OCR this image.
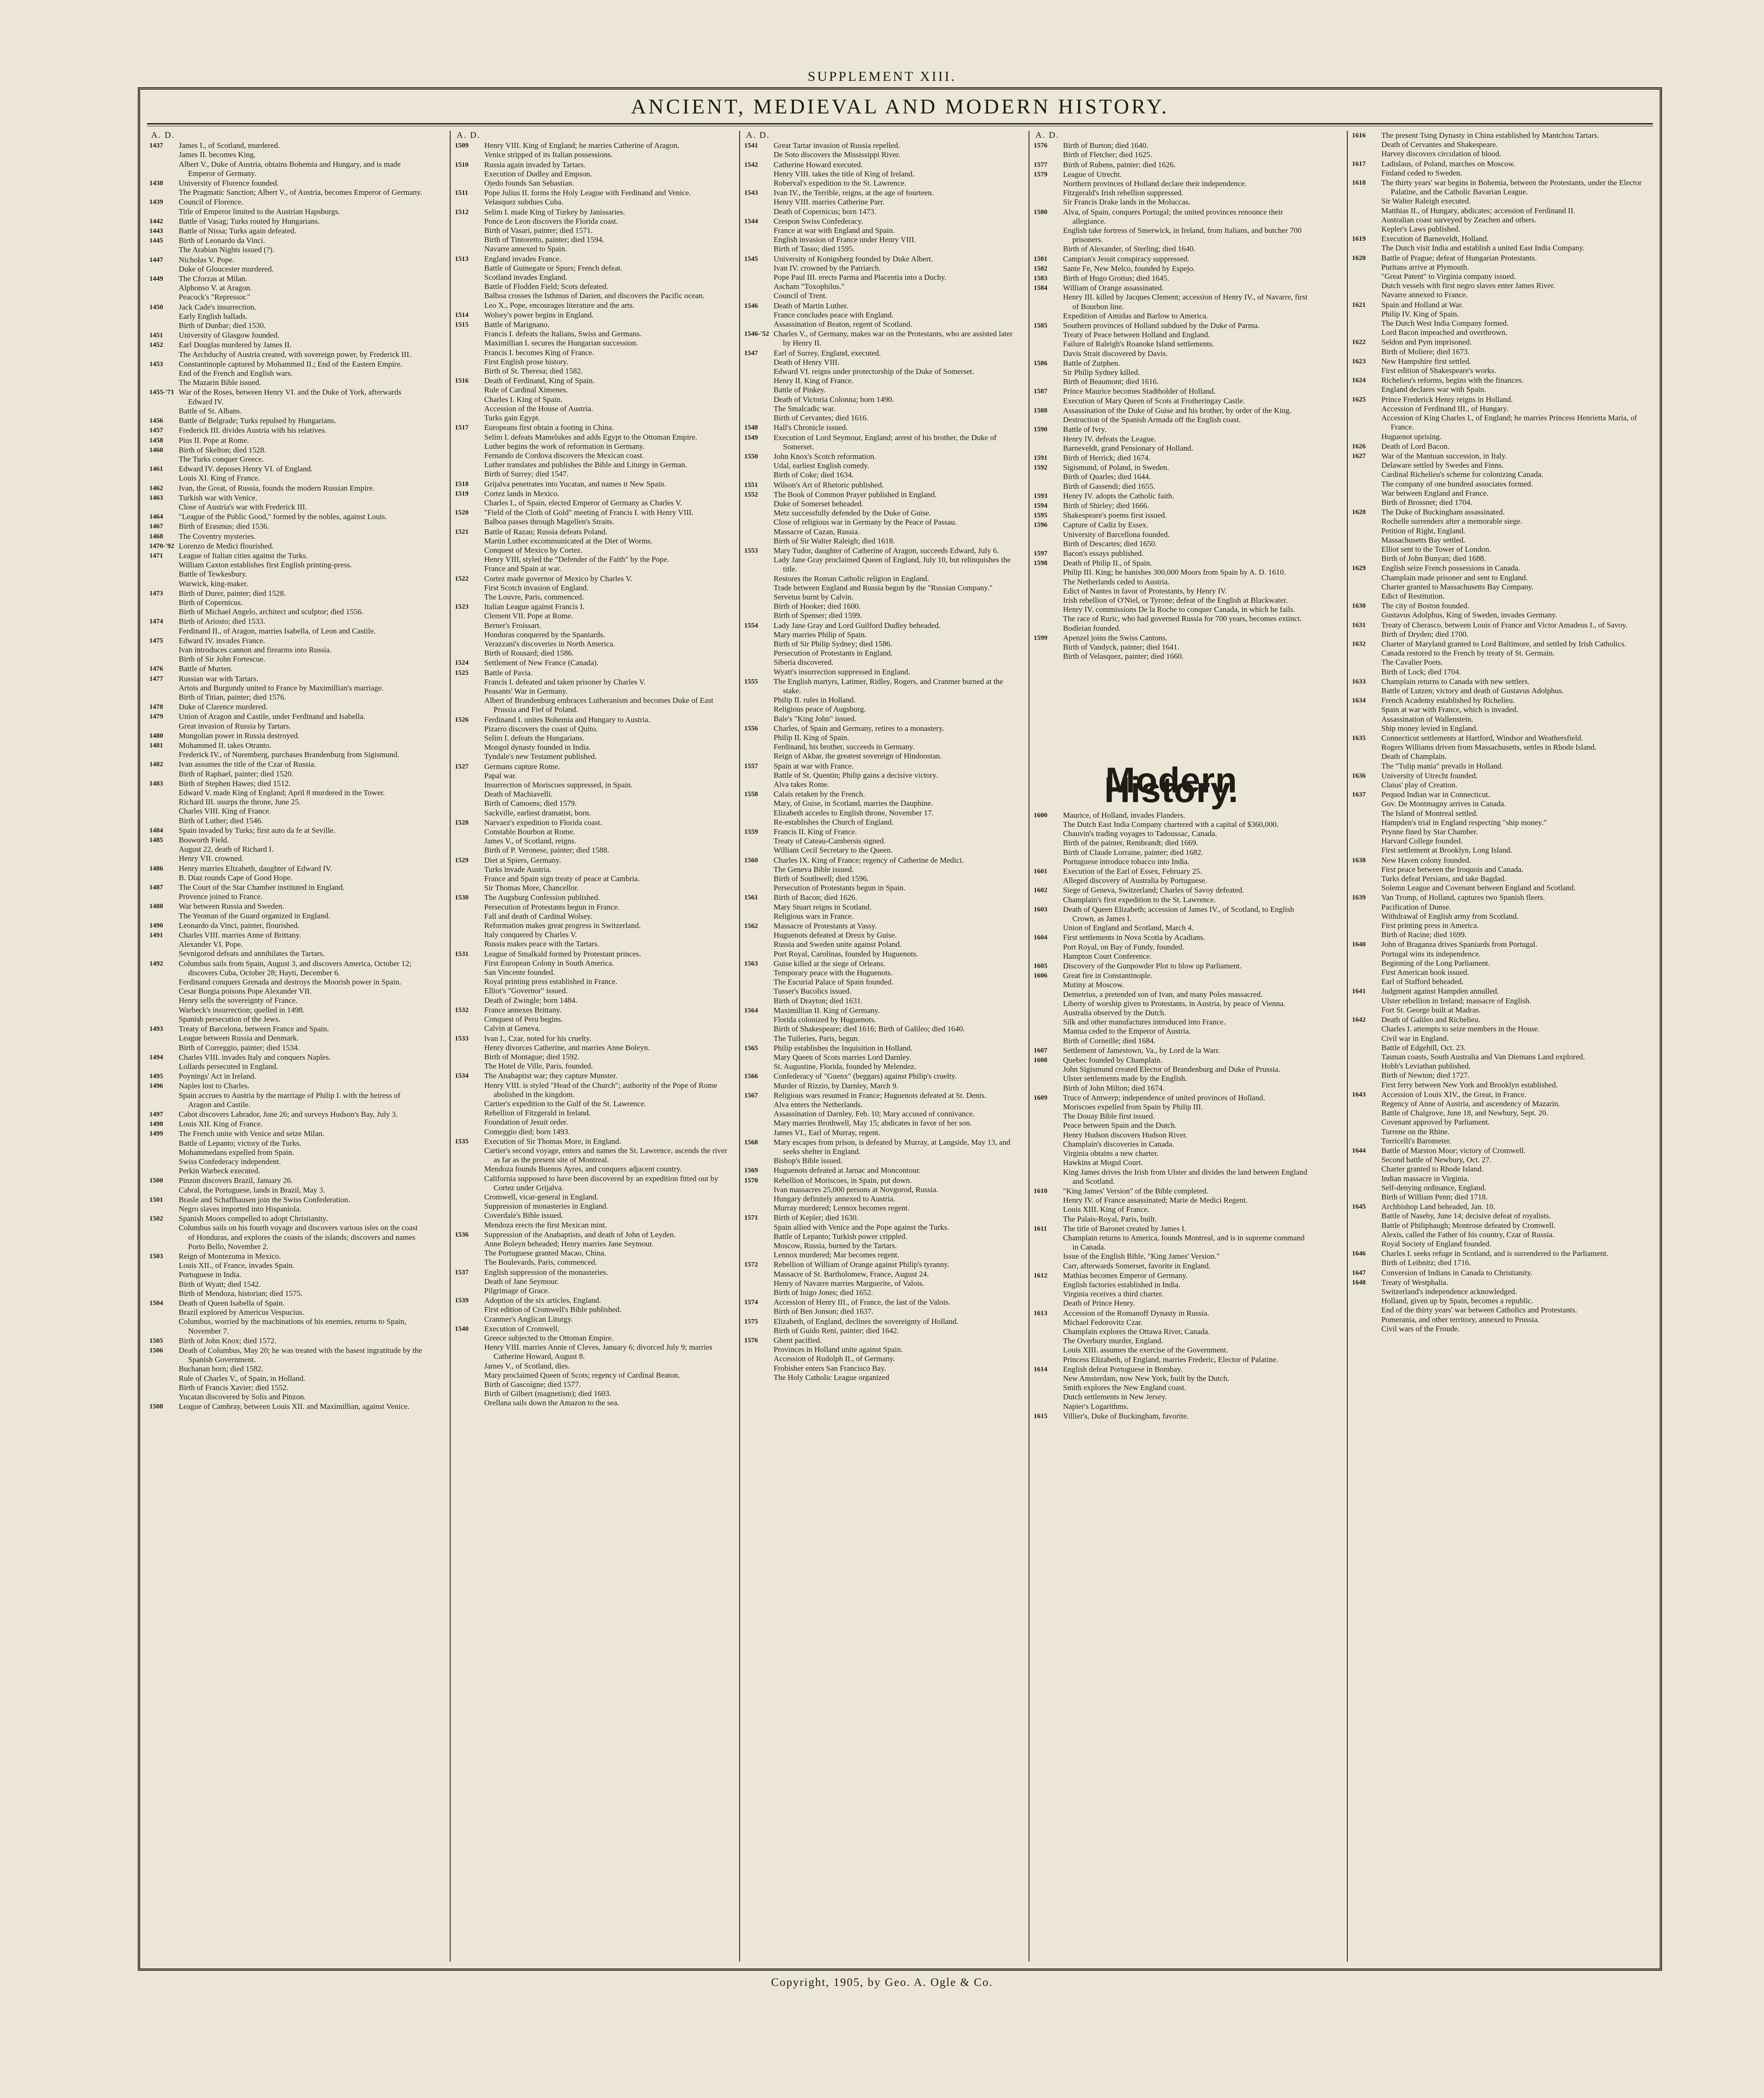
SUPPLEMENT XIII.
ANCIENT, MEDIEVAL AND MODERN HISTORY.
A. D.
1437	James I., of Scotland, murdered.
James II. becomes King.
Albert V., Duke of Austria, obtains Bohemia and Hungary, and is made Emperor of Germany.
1438	University of Florence founded.
The Pragmatic Sanction; Albert V., of Austria, becomes Emperor of Germany.
1439	Council of Florence.
Title of Emperor limited to the Austrian Hapsburgs.
1442	Battle of Vasag; Turks routed by Hungarians.
1443	Battle of Nissa; Turks again defeated.
1445	Birth of Leonardo da Vinci.
The Arabian Nights issued (?).
1447	Nicholas V. Pope.
Duke of Gloucester murdered.
1449	The Cforzas at Milan.
Alphonso V. at Aragon.
Peacock's "Repressor."
1450	Jack Cade's insurrection.
Early English ballads.
Birth of Dunbar; died 1530.
1451	University of Glasgow founded.
1452	Earl Douglas murdered by James II.
The Archduchy of Austria created, with sovereign power, by Frederick III.
1453	Constantinople captured by Mohammed II.; End of the Eastern Empire.
End of the French and English wars.
The Mazarin Bible issued.
1455-'71 War of the Roses, between Henry VI. and the Duke of York, afterwards Edward IV.
Battle of St. Albans.
1456	Battle of Belgrade; Turks repulsed by Hungarians.
1457	Frederick III. divides Austria with his relatives.
1458	Pius II. Pope at Rome.
1460	Birth of Skelton; died 1528.
The Turks conquer Greece.
1461	Edward IV. deposes Henry VI. of England.
Louis XI. King of France.
1462	Ivan, the Great, of Russia, founds the modern Russian Empire.
1463	Turkish war with Venice.
Close of Austria's war with Frederick III.
1464	"League of the Public Good," formed by the nobles, against Louis.
1467	Birth of Erasmus; died 1536.
1468	The Coventry mysteries.
1470-'92 Lorenzo de Medici flourished.
1471	League of Italian cities against the Turks.
William Caxton establishes first English printing-press.
Battle of Tewkesbury.
Warwick, king-maker.
1473	Birth of Durer, painter; died 1528.
Birth of Copernicus.
Birth of Michael Angelo, architect and sculptor; died 1556.
1474	Birth of Ariosto; died 1533.
Ferdinand II., of Aragon, marries Isabella, of Leon and Castile.
1475	Edward IV. invades France.
Ivan introduces cannon and firearms into Russia.
Birth of Sir John Fortescue.
1476	Battle of Murten.
1477	Russian war with Tartars.
Artois and Burgundy united to France by Maximillian's marriage.
Birth of Titian, painter; died 1576.
1478	Duke of Clarence murdered.
1479	Union of Aragon and Castile, under Ferdinand and Isabella.
Great invasion of Russia by Tartars.
1480	Mongolian power in Russia destroyed.
1481	Mohammed II. takes Otranto.
Frederick IV., of Nuremberg, purchases Brandenburg from Sigismund.
1482	Ivan assumes the title of the Czar of Russia.
Birth of Raphael, painter; died 1520.
1483	Birth of Stephen Hawes; died 1512.
Edward V. made King of England; April 8 murdered in the Tower.
Richard III. usurps the throne, June 25.
Charles VIII. King of France.
Birth of Luther; died 1546.
1484	Spain invaded by Turks; first auto da fe at Seville.
1485	Bosworth Field.
August 22, death of Richard I.
Henry VII. crowned.
1486	Henry marries Elizabeth, daughter of Edward IV.
B. Diaz rounds Cape of Good Hope.
1487	The Court of the Star Chamber instituted in England.
Provence joined to France.
1488	War between Russia and Sweden.
The Yeoman of the Guard organized in England.
1490	Leonardo da Vinci, painter, flourished.
1491	Charles VIII. marries Anne of Brittany.
Alexander VI. Pope.
Sevnigorod defeats and annihilates the Tartars.
1492	Columbus sails from Spain, August 3, and discovers America, October 12; discovers Cuba, October 28; Hayti, December 6.
Ferdinand conquers Grenada and destroys the Moorish power in Spain.
Cesar Borgia poisons Pope Alexander VII.
Henry sells the sovereignty of France.
Warbeck's insurrection; quelled in 1498.
Spanish persecution of the Jews.
1493	Treaty of Barcelona, between France and Spain.
League between Russia and Denmark.
Birth of Correggio, painter; died 1534.
1494	Charles VIII. invades Italy and conquers Naples.
Lollards persecuted in England.
1495	Poynings' Act in Ireland.
1496	Naples lost to Charles.
Spain accrues to Austria by the marriage of Philip I. with the heiress of Aragon and Castile.
1497	Cabot discovers Labrador, June 26; and surveys Hudson's Bay, July 3.
1498	Louis XII. King of France.
1499	The French unite with Venice and seize Milan.
Battle of Lepanto; victory of the Turks.
Mohammedans expelled from Spain.
Swiss Confederacy independent.
Perkin Warbeck executed.
1500	Pinzon discovers Brazil, January 26.
Cabral, the Portuguese, lands in Brazil, May 3.
1501	Brasle and Schaffhausen join the Swiss Confederation.
Negro slaves imported into Hispaniola.
1502	Spanish Moors compelled to adopt Christianity.
Columbus sails on his fourth voyage and discovers various isles on the coast of Honduras, and explores the coasts of the islands; discovers and names Porto Bello, November 2.
1503	Reign of Montezuma in Mexico.
Louis XII., of France, invades Spain.
Portuguese in India.
Birth of Wyatt; died 1542.
Birth of Mendoza, historian; died 1575.
1504	Death of Queen Isabella of Spain.
Brazil explored by Americus Vespucius.
Columbus, worried by the machinations of his enemies, returns to Spain, November 7.
1505	Birth of John Knox; died 1572.
1506	Death of Columbus, May 20; he was treated with the basest ingratitude by the Spanish Government.
Buchanan born; died 1582.
Rule of Charles V., of Spain, in Holland.
Birth of Francis Xavier; died 1552.
Yucatan discovered by Solis and Pinzon.
1508	League of Cambray, between Louis XII. and Maximillian, against Venice.
A. D.
1509	Henry VIII. King of England; he marries Catherine of Aragon.
Venice stripped of its Italian possessions.
1510	Russia again invaded by Tartars.
Execution of Dudley and Empson.
Ojedo founds San Sebastian.
1511	Pope Julius II. forms the Holy League with Ferdinand and Venice.
Velasquez subdues Cuba.
1512	Selim I. made King of Turkey by Janissaries.
Ponce de Leon discovers the Florida coast.
Birth of Vasari, painter; died 1571.
Birth of Tintoretto, painter; died 1594.
Navarre annexed to Spain.
1513	England invades France.
Battle of Guinegate or Spurs; French defeat.
Scotland invades England.
Battle of Flodden Field; Scots defeated.
Balboa crosses the Isthmus of Darien, and discovers the Pacific ocean.
Leo X., Pope, encourages literature and the arts.
1514	Wolsey's power begins in England.
1515	Battle of Marignano.
Francis I. defeats the Italians, Swiss and Germans.
Maximillian I. secures the Hungarian succession.
Francis I. becomes King of France.
First English prose history.
Birth of St. Theresa; died 1582.
1516	Death of Ferdinand, King of Spain.
Rule of Cardinal Ximenes.
Charles I. King of Spain.
Accession of the House of Austria.
Turks gain Egypt.
1517	Europeans first obtain a footing in China.
Selim I. defeats Mamelukes and adds Egypt to the Ottoman Empire.
Luther begins the work of reformation in Germany.
Fernando de Cordova discovers the Mexican coast.
Luther translates and publishes the Bible and Liturgy in German.
Birth of Surrey; died 1547.
1518	Grijalva penetrates into Yucatan, and names it New Spain.
1519	Cortez lands in Mexico.
Charles I., of Spain, elected Emperor of Germany as Charles V.
1520	"Field of the Cloth of Gold" meeting of Francis I. with Henry VIII.
Balboa passes through Magellen's Straits.
1521	Battle of Razau; Russia defeats Poland.
Martin Luther excommunicated at the Diet of Worms.
Conquest of Mexico by Cortez.
Henry VIII, styled the "Defender of the Faith" by the Pope.
France and Spain at war.
1522	Cortez made governor of Mexico by Charles V.
First Scotch invasion of England.
The Louvre, Paris, commenced.
1523	Italian League against Francis I.
Clement VII. Pope at Rome.
Berner's Froissart.
Honduras conquered by the Spaniards.
Verazzani's discoveries in North America.
Birth of Rousard; died 1586.
1524	Settlement of New France (Canada).
1525	Battle of Pavia.
Francis I. defeated and taken prisoner by Charles V.
Peasants' War in Germany.
Albert of Brandenburg embraces Lutheranism and becomes Duke of East Prussia and Fief of Poland.
1526	Ferdinand I. unites Bohemia and Hungary to Austria.
Pizarro discovers the coast of Quito.
Selim I. defeats the Hungarians.
Mongol dynasty founded in India.
Tyndale's new Testament published.
1527	Germans capture Rome.
Papal war.
Insurrection of Moriscoes suppressed, in Spain.
Death of Machiavelli.
Birth of Camoens; died 1579.
Sackville, earliest dramatist, born.
1528	Narvaez's expedition to Florida coast.
Constable Bourbon at Rome.
James V., of Scotland, reigns.
Birth of P. Veronese, painter; died 1588.
1529	Diet at Spiers, Germany.
Turks invade Austria.
France and Spain sign treaty of peace at Cambria.
Sir Thomas More, Chancellor.
1530	The Augsburg Confession published.
Persecution of Protestants begun in France.
Fall and death of Cardinal Wolsey.
Reformation makes great progress in Switzerland.
Italy conquered by Charles V.
Russia makes peace with the Tartars.
1531	League of Smalkald formed by Protestant princes.
First European Colony in South America.
San Vincente founded.
Royal printing press established in France.
Elliot's "Governor" issued.
Death of Zwingle; born 1484.
1532	France annexes Brittany.
Conquest of Peru begins.
Calvin at Geneva.
1533	Ivan I., Czar, noted for his cruelty.
Henry divorces Catherine, and marries Anne Boleyn.
Birth of Montague; died 1592.
The Hotel de Ville, Paris, founded.
1534	The Anabaptist war; they capture Munster.
Henry VIII. is styled "Head of the Church"; authority of the Pope of Rome abolished in the kingdom.
Cartier's expedition to the Gulf of the St. Lawrence.
Rebellion of Fitzgerald in Ireland.
Foundation of Jesuit order.
Comeggio died; born 1493.
1535	Execution of Sir Thomas More, in England.
Cartier's second voyage, enters and names the St. Lawrence, ascends the river as far as the present site of Montreal.
Mendoza founds Buenos Ayres, and conquers adjacent country.
California supposed to have been discovered by an expedition fitted out by Cortez under Grijalva.
Cromwell, vicar-general in England.
Suppression of monasteries in England.
Coverdale's Bible issued.
Mendoza erects the first Mexican mint.
1536	Suppression of the Anabaptists, and death of John of Leyden.
Anne Boleyn beheaded; Henry marries Jane Seymour.
The Portuguese granted Macao, China.
The Boulevards, Paris, commenced.
1537	English suppression of the monasteries.
Death of Jane Seymour.
Pilgrimage of Grace.
1539	Adoption of the six articles, England.
First edition of Cromwell's Bible published.
Cranmer's Anglican Liturgy.
1540	Execution of Cromwell.
Greece subjected to the Ottoman Empire.
Henry VIII. marries Annie of Cleves, January 6; divorced July 9; marries Catherine Howard, August 8.
James V., of Scotland, dies.
Mary proclaimed Queen of Scots; regency of Cardinal Beaton.
Birth of Gascoigne; died 1577.
Birth of Gilbert (magnetism); died 1603.
Orellana sails down the Amazon to the sea.
A. D.
1541	Great Tartar invasion of Russia repelled.
De Soto discovers the Mississippi River.
1542	Catherine Howard executed.
Henry VIII. takes the title of King of Ireland.
Roberval's expedition to the St. Lawrence.
1543	Ivan IV., the Terrible, reigns, at the age of fourteen.
Henry VIII. marries Catherine Parr.
Death of Copernicus; born 1473.
1544	Crespon Swiss Confederacy.
France at war with England and Spain.
English invasion of France under Henry VIII.
Birth of Tasso; died 1595.
1545	University of Konigsberg founded by Duke Albert.
Ivan IV. crowned by the Patriarch.
Pope Paul III. erects Parma and Placentia into a Duchy.
Ascham "Toxophilus."
Council of Trent.
1546	Death of Martin Luther.
France concludes peace with England.
Assassination of Beaton, regent of Scotland.
1546-'52 Charles V., of Germany, makes war on the Protestants, who are assisted later by Henry II.
1547	Earl of Surrey, England, executed.
Death of Henry VIII.
Edward VI. reigns under protectorship of the Duke of Somerset.
Henry II. King of France.
Battle of Pinkey.
Death of Victoria Colonna; born 1490.
The Smalcadic war.
Birth of Cervantes; died 1616.
1548	Hall's Chronicle issued.
1549	Execution of Lord Seymour, England; arrest of his brother, the Duke of Somerset.
1550	John Knox's Scotch reformation.
Udal, earliest English comedy.
Birth of Coke; died 1634.
1551	Wilson's Art of Rhetoric published.
1552	The Book of Common Prayer published in England.
Duke of Somerset beheaded.
Metz successfully defended by the Duke of Guise.
Close of religious war in Germany by the Peace of Passau.
Massacre of Cazan, Russia.
Birth of Sir Walter Raleigh; died 1618.
1553	Mary Tudor, daughter of Catherine of Aragon, succeeds Edward, July 6.
Lady Jane Gray proclaimed Queen of England, July 10, but relinquishes the title.
Restores the Roman Catholic religion in England.
Trade between England and Russia begun by the "Russian Company."
Servetus burnt by Calvin.
Birth of Hooker; died 1600.
Birth of Spenser; died 1599.
1554	Lady Jane Gray and Lord Guilford Dudley beheaded.
Mary marries Philip of Spain.
Birth of Sir Philip Sydney; died 1586.
Persecution of Protestants in England.
Siberia discovered.
Wyatt's insurrection suppressed in England.
1555	The English martyrs, Latimer, Ridley, Rogers, and Cranmer burned at the stake.
Philip II. rules in Holland.
Religious peace of Augsburg.
Bale's "King John" issued.
1556	Charles, of Spain and Germany, retires to a monastery.
Philip II. King of Spain.
Ferdinand, his brother, succeeds in Germany.
Reign of Akbar, the greatest sovereign of Hindoostan.
1557	Spain at war with France.
Battle of St. Quentin; Philip gains a decisive victory.
Alva takes Rome.
1558	Calais retaken by the French.
Mary, of Guise, in Scotland, marries the Dauphine.
Elizabeth accedes to English throne, November 17.
Re-establishes the Church of England.
1559	Francis II. King of France.
Treaty of Cateau-Cambersis signed.
William Cecil Secretary to the Queen.
1560	Charles IX. King of France; regency of Catherine de Medici.
The Geneva Bible issued.
Birth of Southwell; died 1596.
Persecution of Protestants begun in Spain.
1561	Birth of Bacon; died 1626.
Mary Stuart reigns in Scotland.
Religious wars in France.
1562	Massacre of Protestants at Vassy.
Huguenots defeated at Dreux by Guise.
Russia and Sweden unite against Poland.
Port Royal, Carolinas, founded by Huguenots.
1563	Guise killed at the siege of Orleans.
Temporary peace with the Huguenots.
The Escurial Palace of Spain founded.
Tusser's Bucolics issued.
Birth of Drayton; died 1631.
1564	Maximillian II. King of Germany.
Florida colonized by Huguenots.
Birth of Shakespeare; died 1616; Birth of Galileo; died 1640.
The Tuileries, Paris, begun.
1565	Philip establishes the Inquisition in Holland.
Mary Queen of Scots marries Lord Darnley.
St. Augustine, Florida, founded by Melendez.
1566	Confederacy of "Guenx" (beggars) against Philip's cruelty.
Murder of Rizzio, by Darnley, March 9.
1567	Religious wars resumed in France; Huguenots defeated at St. Denis.
Alva enters the Netherlands.
Assassination of Darnley, Feb. 10; Mary accused of connivance.
Mary marries Brothwell, May 15; abdicates in favor of her son.
James VI., Earl of Murray, regent.
1568	Mary escapes from prison, is defeated by Murray, at Langside, May 13, and seeks shelter in England.
Bishop's Bible issued.
1569	Huguenots defeated at Jarnac and Moncontour.
1570	Rebellion of Moriscoes, in Spain, put down.
Ivan massacres 25,000 persons at Novgorod, Russia.
Hungary definitely annexed to Austria.
Murray murdered; Lennox becomes regent.
1571	Birth of Kepler; died 1630.
Spain allied with Venice and the Pope against the Turks.
Battle of Lepanto; Turkish power crippled.
Moscow, Russia, burned by the Tartars.
Lennox murdered; Mar becomes regent.
1572	Rebellion of William of Orange against Philip's tyranny.
Massacre of St. Bartholomew, France, August 24.
Henry of Navarre marries Marguerite, of Valois.
Birth of Inigo Jones; died 1652.
1574	Accession of Henry III., of France, the last of the Valois.
Birth of Ben Jonson; died 1637.
1575	Elizabeth, of England, declines the sovereignty of Holland.
Birth of Guido Reni, painter; died 1642.
1576	Ghent pacified.
Provinces in Holland unite against Spain.
Accession of Rudolph II., of Germany.
Frobisher enters San Francisco Bay.
The Holy Catholic League organized
A. D.
1576	Birth of Burton; died 1640.
Birth of Fletcher; died 1625.
1577	Birth of Rubens, painter; died 1626.
1579	League of Utrecht.
Northern provinces of Holland declare their independence.
Fitzgerald's Irish rebellion suppressed.
Sir Francis Drake lands in the Moluccas.
1580	Alva, of Spain, conquers Portugal; the united provinces renounce their allegiance.
English take fortress of Smerwick, in Ireland, from Italians, and butcher 700 prisoners.
Birth of Alexander, of Sterling; died 1640.
1581	Campian's Jesuit conspiracy suppressed.
1582	Sante Fe, New Melco, founded by Espejo.
1583	Birth of Hugo Grotius; died 1645.
1584	William of Orange assassinated.
Henry III. killed by Jacques Clement; accession of Henry IV., of Navarre, first of Bourbon line.
Expedition of Amidas and Barlow to America.
1585	Southern provinces of Holland subdued by the Duke of Parma.
Treaty of Peace between Holland and England.
Failure of Raleigh's Roanoke Island settlements.
Davis Strait discovered by Davis.
1586	Battle of Zutphen.
Sir Philip Sydney killed.
Birth of Beaumont; died 1616.
1587	Prince Maurice becomes Stadtholder of Holland.
Execution of Mary Queen of Scots at Frotheringay Castle.
1588	Assassination of the Duke of Guise and his brother, by order of the King.
Destruction of the Spanish Armada off the English coast.
1590	Battle of Ivry.
Henry IV. defeats the League.
Barneveldt, grand Pensionary of Holland.
1591	Birth of Herrick; died 1674.
1592	Sigismund, of Poland, in Sweden.
Birth of Quarles; died 1644.
Birth of Gassendi; died 1655.
1593	Henry IV. adopts the Catholic faith.
1594	Birth of Shirley; died 1666.
1595	Shakespeare's poems first issued.
1596	Capture of Cadiz by Essex.
University of Barcellona founded.
Birth of Descartes; died 1650.
1597	Bacon's essays published.
1598	Death of Philip II., of Spain.
Philip III. King; he banishes 300,000 Moors from Spain by A. D. 1610.
The Netherlands ceded to Austria.
Edict of Nantes in favor of Protestants, by Henry IV.
Irish rebellion of O'Niel, or Tyrone; defeat of the English at Blackwater.
Henry IV. commissions De la Roche to conquer Canada, in which he fails.
The race of Ruric, who had governed Russia for 700 years, becomes extinct.
Bodleian founded.
1599	Apenzel joins the Swiss Cantons.
Birth of Vandyck, painter; died 1641.
Birth of Velasquez, painter; died 1660.
Modern History.
1600	Maurice, of Holland, invades Flanders.
The Dutch East India Company chartered with a capital of $360,000.
Chauvin's trading voyages to Tadoussac, Canada.
Birth of the painter, Rembrandt; died 1669.
Birth of Claude Lorraine, painter; died 1682.
Portuguese introduce tobacco into India.
1601	Execution of the Earl of Essex, February 25.
Alleged discovery of Australia by Portuguese.
1602	Siege of Geneva, Switzerland; Charles of Savoy defeated.
Champlain's first expedition to the St. Lawrence.
1603	Death of Queen Elizabeth; accession of James IV., of Scotland, to English Crown, as James I.
Union of England and Scotland, March 4.
1604	First settlements in Nova Scotia by Acadians.
Port Royal, on Bay of Fundy, founded.
Hampton Court Conference.
1605	Discovery of the Gunpowder Plot to blow up Parliament.
1606	Great fire in Constantinople.
Mutiny at Moscow.
Demetrius, a pretended son of Ivan, and many Poles massacred.
Liberty of worship given to Protestants, in Austria, by peace of Vienna.
Australia observed by the Dutch.
Silk and other manufactures introduced into France.
Mantua ceded to the Emperor of Austria.
Birth of Corneille; died 1684.
1607	Settlement of Jamestown, Va., by Lord de la Warr.
1608	Quebec founded by Champlain.
John Sigismund created Elector of Brandenburg and Duke of Prussia.
Ulster settlements made by the English.
Birth of John Milton; died 1674.
1609	Truce of Antwerp; independence of united provinces of Holland.
Moriscoes expelled from Spain by Philip III.
The Douay Bible first issued.
Peace between Spain and the Dutch.
Henry Hudson discovers Hudson River.
Champlain's discoveries in Canada.
Virginia obtains a new charter.
Hawkins at Mogul Court.
King James drives the Irish from Ulster and divides the land between England and Scotland.
1610	"King James' Version" of the Bible completed.
Henry IV. of France assassinated; Marie de Medici Regent.
Louis XIII. King of France.
The Palais-Royal, Paris, built.
1611	The title of Baronet created by James I.
Champlain returns to America, founds Montreal, and is in supreme command in Canada.
Issue of the English Bible, "King James' Version."
Carr, afterwards Somerset, favorite in England.
1612	Mathias becomes Emperor of Germany.
English factories established in India.
Virginia receives a third charter.
Death of Prince Henry.
1613	Accession of the Romanoff Dynasty in Russia.
Michael Fedorovitz Czar.
Champlain explores the Ottawa River, Canada.
The Overbury murder, England.
Louis XIII. assumes the exercise of the Government.
Princess Elizabeth, of England, marries Frederic, Elector of Palatine.
1614	English defeat Portuguese in Bombay.
New Amsterdam, now New York, built by the Dutch.
Smith explores the New England coast.
Dutch settlements in New Jersey.
Napier's Logarithms.
1615	Villier's, Duke of Buckingham, favorite.
1616	The present Tsing Dynasty in China established by Mantchou Tartars.
Death of Cervantes and Shakespeare.
Harvey discovers circulation of blood.
1617	Ladislaus, of Poland, marches on Moscow.
Finland ceded to Sweden.
1618	The thirty years' war begins in Bohemia, between the Protestants, under the Elector Palatine, and the Catholic Bavarian League.
Sir Walter Raleigh executed.
Matthias II., of Hungary, abdicates; accession of Ferdinand II.
Australian coast surveyed by Zeachen and others.
Kepler's Laws published.
1619	Execution of Barneveldt, Holland.
The Dutch visit India and establish a united East India Company.
1620	Battle of Prague; defeat of Hungarian Protestants.
Puritans arrive at Plymouth.
"Great Patent" to Virginia company issued.
Dutch vessels with first negro slaves enter James River.
Navarre annexed to France.
1621	Spain and Holland at War.
Philip IV. King of Spain.
The Dutch West India Company formed.
Lord Bacon impeached and overthrown.
1622	Seldon and Pym imprisoned.
Birth of Moliere; died 1673.
1623	New Hampshire first settled.
First edition of Shakespeare's works.
1624	Richelieu's reforms, begins with the finances.
England declares war with Spain.
1625	Prince Frederick Henry reigns in Holland.
Accession of Ferdinand III., of Hungary.
Accession of King Charles I., of England; he marries Princess Henrietta Maria, of France.
Huguenot uprising.
1626	Death of Lord Bacon.
1627	War of the Mantuan succession, in Italy.
Delaware settled by Swedes and Finns.
Cardinal Richelieu's scheme for colonizing Canada.
The company of one hundred associates formed.
War between England and France.
Birth of Brossnet; died 1704.
1628	The Duke of Buckingham assassinated.
Rochelle surrenders after a memorable siege.
Petition of Right, England.
Massachusetts Bay settled.
Elliot sent to the Tower of London.
Birth of John Bunyan; died 1688.
1629	English seize French possessions in Canada.
Champlain made prisoner and sent to England.
Charter granted to Massachusetts Bay Company.
Edict of Restitution.
1630	The city of Boston founded.
Gustavus Adolphus, King of Sweden, invades Germany.
1631	Treaty of Cherasco, between Louis of France and Victor Amadeus I., of Savoy.
Birth of Dryden; died 1700.
1632	Charter of Maryland granted to Lord Baltimore, and settled by Irish Catholics.
Canada restored to the French by treaty of St. Germain.
The Cavalier Poets.
Birth of Lock; died 1704.
1633	Champlain returns to Canada with new settlers.
Battle of Lutzen; victory and death of Gustavus Adolphus.
1634	French Academy established by Richelieu.
Spain at war with France, which is invaded.
Assassination of Wallenstein.
Ship money levied in England.
1635	Connecticut settlements at Hartford, Windsor and Weathersfield.
Rogers Williams driven from Massachusetts, settles in Rhode Island.
Death of Champlain.
The "Tulip mania" prevails in Holland.
1636	University of Utrecht founded.
Claius' play of Creation.
1637	Pequod Indian war in Connecticut.
Gov. De Montmagny arrives in Canada.
The Island of Montreal settled.
Hampden's trial in England respecting "ship money."
Prynne fined by Star Chamber.
Harvard College founded.
First settlement at Brooklyn, Long Island.
1638	New Haven colony founded.
First peace between the Iroquois and Canada.
Turks defeat Persians, and take Bagdad.
Solemn League and Covenant between England and Scotland.
1639	Van Tromp, of Holland, captures two Spanish fleets.
Pacification of Dunse.
Withdrawal of English army from Scotland.
First printing press in America.
Birth of Racine; died 1699.
1640	John of Braganza drives Spaniards from Portugal.
Portugal wins its independence.
Beginning of the Long Parliament.
First American book issued.
Earl of Stafford beheaded.
1641	Judgment against Hampden annulled.
Ulster rebellion in Ireland; massacre of English.
Fort St. George built at Madras.
1642	Death of Galileo and Richelieu.
Charles I. attempts to seize members in the House.
Civil war in England.
Battle of Edgehill, Oct. 23.
Tasman coasts, South Australia and Van Diemans Land explored.
Hobb's Leviathan published.
Birth of Newton; died 1727.
First ferry between New York and Brooklyn established.
1643	Accession of Louis XIV., the Great, in France.
Regency of Anne of Austria, and ascendency of Mazarin.
Battle of Chalgrove, June 18, and Newbury, Sept. 20.
Covenant approved by Parliament.
Turrene on the Rhine.
Torricelli's Barometer.
1644	Battle of Marston Moor; victory of Cromwell.
Second battle of Newbury, Oct. 27.
Charter granted to Rhode Island.
Indian massacre in Virginia.
Self-denying ordinance, England.
Birth of William Penn; died 1718.
1645	Archbishop Land beheaded, Jan. 10.
Battle of Naseby, June 14; decisive defeat of royalists.
Battle of Philiphaugh; Montrose defeated by Cromwell.
Alexis, called the Father of his country, Czar of Russia.
Royal Society of England founded.
1646	Charles I. seeks refuge in Scotland, and is surrendered to the Parliament.
Birth of Leibnitz; died 1716.
1647	Conversion of Indians in Canada to Christianity.
1648	Treaty of Westphalia.
Switzerland's independence acknowledged.
Holland, given up by Spain, becomes a republic.
End of the thirty years' war between Catholics and Protestants.
Pomerania, and other territory, annexed to Prussia.
Civil wars of the Froude.
Copyright, 1905, by Geo. A. Ogle & Co.
